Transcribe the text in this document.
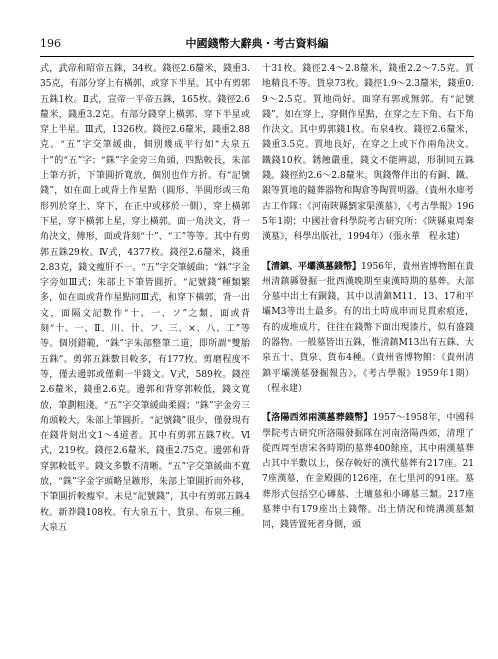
196	中國錢幣大辭典・考古資料編

式，武帝和昭帝五銖，34枚。錢徑2.6釐米，錢重3.35克，有部分穿上有橫郭，或穿下半星。其中有剪郭五銖1枚。Ⅱ式，宣帝一平帝五銖，165枚。錢徑2.6釐米，錢重3.2克。有部分錢穿上橫郭、穿下半星或穿上半星。Ⅲ式，1326枚。錢徑2.6釐米，錢重2.88克。“五”字交筆緩曲，個別幾成平行如“大泉五十”的“五”字；“銖”字金旁三角頭，四點較長，朱部上筆方折，下筆圓折寬放，個別也作方折。有“記號錢”，如在面上或背上作星點（圓形、半圓形或三角形列於穿上、穿下，在正中或移於一側），穿上橫郭下星，穿下橫郭上星，穿上橫郭。面一角決文，背一角決文，傳形，面或背刻“十”、“工”等等。其中有剪郭五銖29枚。Ⅳ式，4377枚。錢徑2.6釐米，錢重2.83克，錢文瘦肝不一。“五”字交筆緩曲；“銖”字金字旁如Ⅲ式；朱部上下筆皆圓折。“記號錢”種類繁多，如在面或背作星點同Ⅲ式，和穿下橫郭，背一出文，面隔文記數作“十、一、ソ”之類，面或背刻“十、一、Ⅱ、川、卄、フ、三、×、八、工”等等。個別錯範，“銖”字朱部整筆二道，即所謂“雙胎五銖”。剪郭五銖數目較多，有177枚。剪磨程度不等，僅去邊郭或僅剩一半錢文。Ⅴ式，589枚。錢徑2.6釐米，錢重2.6克。邊郭和背穿郭較低，錢文寬放，筆劃粗淺。“五”字交筆緩曲柔圓；“銖”字金旁三角頭較大，朱部上筆圓折。“記號錢”很少，僅發現有在錢背刻出文1～4道者。其中有剪郭五銖7枚。Ⅵ式，219枚。錢徑2.6釐米，錢重2.75克。邊郭和背穿郭較低平。錢文多數不清晰。“五”字交筆緩曲不寬放，“銖”字金字頭略呈鏃形，朱部上筆圓折而外移，下筆圓折較瘦窄。未見“記號錢”，其中有剪郭五銖4枚。新莽錢108枚。有大泉五十、貨泉、布泉三種。大泉五

十31枚。錢徑2.4～2.8釐米，錢重2.2～7.5克。質地精良不等。貨泉73枚。錢徑1.9～2.3釐米，錢重0.9～2.5克。質地尚好。面穿有郭或無郭。有“記號錢”，如在穿上，穿側作星點，在穿之左下角、右下角作決文。其中剪郭錢1枚。布泉4枚。錢徑2.6釐米，錢重3.5克。質地良好，在穿之上或下作兩角決文。鐵錢10枚。銹蝕嚴重，錢文不能辨認，形制同五銖錢。錢徑約2.6～2.8釐米。與錢幣伴出的有銅、鐵、銀等質地的隨葬器物和陶倉等陶質明器。（貴州水庫考古工作隊：《河南陝縣劉家渠漢墓》，《考古學報》1965年1期；中國社會科學院考古研究所：《陝縣東周秦漢墓》，科學出版社，1994年）（張永華　程永建）

【清鎮、平壩漢墓錢幣】1956年，貴州省博物館在貴州清鎮縣發掘一批西漢晚期至東漢時期的墓葬。大部分墓中出土有銅錢，其中以清鎮M11、13、17和平壩M3等出土最多。有的出土時成串而見貫索痕迹，有的成堆成片，往往在錢幣下面出現漆片，似有盛錢的器物。一般墓皆出五銖，惟清鎮M13出有五銖、大泉五十、貨泉、貨布4種。（貴州省博物館：《貴州清鎮平壩漢墓發掘報告》，《考古學報》1959年1期）（程永建）

【洛陽西郊兩漢墓葬錢幣】1957～1958年，中國科學院考古研究所洛陽發掘隊在河南洛陽西郊，清理了從西周至唐宋各時期的墓葬400餘座，其中兩漢墓葬占其中半數以上，保存較好的漢代墓葬有217座。217座漢墓，在金殿圓的126座，在七里河的91座。墓葬形式包括空心磚墓、土壙墓和小磚墓三類。217座墓葬中有179座出土錢幣。出土情況和燒溝漢墓類同，錢皆置死者身側，頭
